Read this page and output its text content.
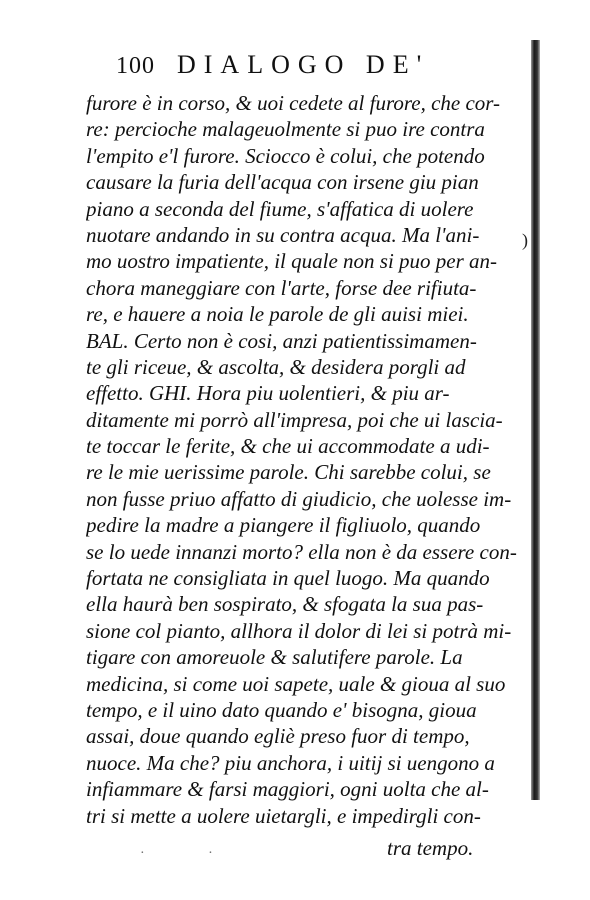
100 DIALOGO DE'
furore è in corso, & uoi cedete al furore, che cor-
re: percioche malageuolmente si puo ire contra
l'empito e'l furore. Sciocco è colui, che potendo
causare la furia dell'acqua con irsene giu pian
piano a seconda del fiume, s'affatica di uolere
nuotare andando in su contra acqua. Ma l'ani-
mo uostro impatiente, il quale non si puo per an-
chora maneggiare con l'arte, forse dee rifiuta-
re, e hauere a noia le parole de gli auisi miei.
BAL. Certo non è cosi, anzi patientissimamen-
te gli riceue, & ascolta, & desidera porgli ad
effetto. GHI. Hora piu uolentieri, & piu ar-
ditamente mi porrò all'impresa, poi che ui lascia-
te toccar le ferite, & che ui accommodate a udi-
re le mie uerissime parole. Chi sarebbe colui, se
non fusse priuo affatto di giudicio, che uolesse im-
pedire la madre a piangere il figliuolo, quando
se lo uede innanzi morto? ella non è da essere con-
fortata ne consigliata in quel luogo. Ma quando
ella haurà ben sospirato, & sfogata la sua pas-
sione col pianto, allhora il dolor di lei si potrà mi-
tigare con amoreuole & salutifere parole. La
medicina, si come uoi sapete, uale & gioua al suo
tempo, e il uino dato quando e' bisogna, gioua
assai, doue quando egliè preso fuor di tempo,
nuoce. Ma che? piu anchora, i uitij si uengono a
infiammare & farsi maggiori, ogni uolta che al-
tri si mette a uolere uietargli, e impedirgli con-
tra tempo.
· ·
)
